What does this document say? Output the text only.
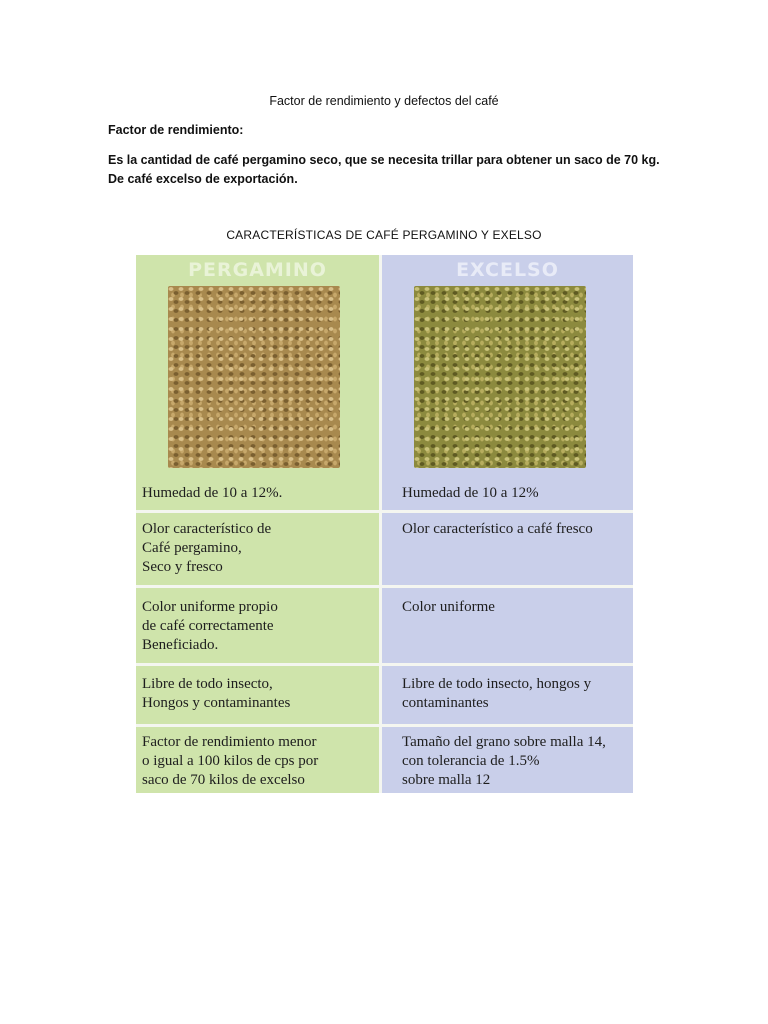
Factor de rendimiento y defectos del café
Factor de rendimiento:
Es la cantidad de café pergamino seco, que se necesita trillar para obtener un saco de 70 kg. De café excelso de exportación.
CARACTERÍSTICAS DE CAFÉ PERGAMINO Y EXELSO
PERGAMINO	EXCELSO
Humedad de 10 a 12%.	Humedad de 10 a 12%
Olor característico de
Café pergamino,
Seco y fresco
Olor característico a café fresco
Color uniforme propio
de café correctamente
Beneficiado.
Color uniforme
Libre de todo insecto,
Hongos y contaminantes
Libre de todo insecto, hongos y
contaminantes
Factor de rendimiento menor
o igual a 100 kilos de cps por
saco de 70 kilos de excelso
Tamaño del grano sobre malla 14,
con tolerancia de 1.5%
sobre malla 12
